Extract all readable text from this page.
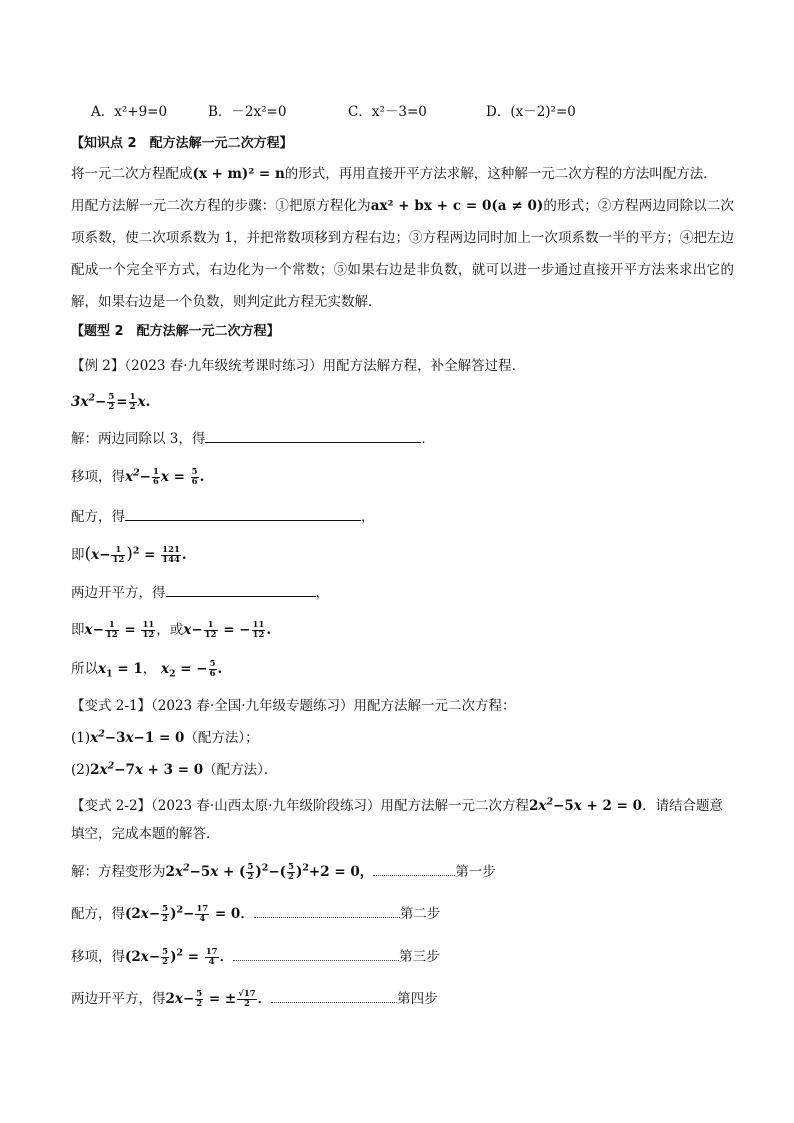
A．x²+9=0	B．－2x²=0	C．x²－3=0	D．(x－2)²=0
【知识点 2　配方法解一元二次方程】
将一元二次方程配成(x + m)² = n的形式，再用直接开平方法求解，这种解一元二次方程的方法叫配方法．
用配方法解一元二次方程的步骤：①把原方程化为ax² + bx + c = 0(a ≠ 0)的形式；②方程两边同除以二次项系数，使二次项系数为 1，并把常数项移到方程右边；③方程两边同时加上一次项系数一半的平方；④把左边配成一个完全平方式，右边化为一个常数；⑤如果右边是非负数，就可以进一步通过直接开平方法来求出它的解，如果右边是一个负数，则判定此方程无实数解．
【题型 2　配方法解一元二次方程】
【例 2】（2023 春·九年级统考课时练习）用配方法解方程，补全解答过程．
$3x^2- \frac{5}{2} = \frac{1}{2} x$.
解：两边同除以 3，得	．
移项，得$x^2- \frac{1}{6}$ $x = \frac{5}{6}$ .
配方，得	，
即$(x- \frac{1}{12} )^2 = \frac{121}{144}$ .
两边开平方，得	，
即$x- \frac{1}{12} = \frac{11}{12}$ ，或$x- \frac{1}{12}$ = − $\frac{11}{12}$ .
所以$x_1 = 1$， $x_2$ = − $\frac{5}{6}$ .
【变式 2-1】（2023 春·全国·九年级专题练习）用配方法解一元二次方程：
$(1)x^2-3x-1 = 0$（配方法）；
$(2)2x^2-7x + 3 = 0$（配方法）．
【变式 2-2】（2023 春·山西太原·九年级阶段练习）用配方法解一元二次方程$2x^2-5x + 2 = 0$．请结合题意
填空，完成本题的解答．
解：方程变形为$2x^2-5x$ + ( $\frac{5}{2} )^2-( \frac{5}{2} )^2+2 = 0$，	第一步
配方，得$(2x- \frac{5}{2} )^2- \frac{17}{4} = 0$．	第二步
移项，得$(2x- \frac{5}{2} )^2 = \frac{17}{4}$ ．	第三步
两边开平方，得$2x- \frac{5}{2}$ = ± $\frac{√17}{2}$ ．	第四步
